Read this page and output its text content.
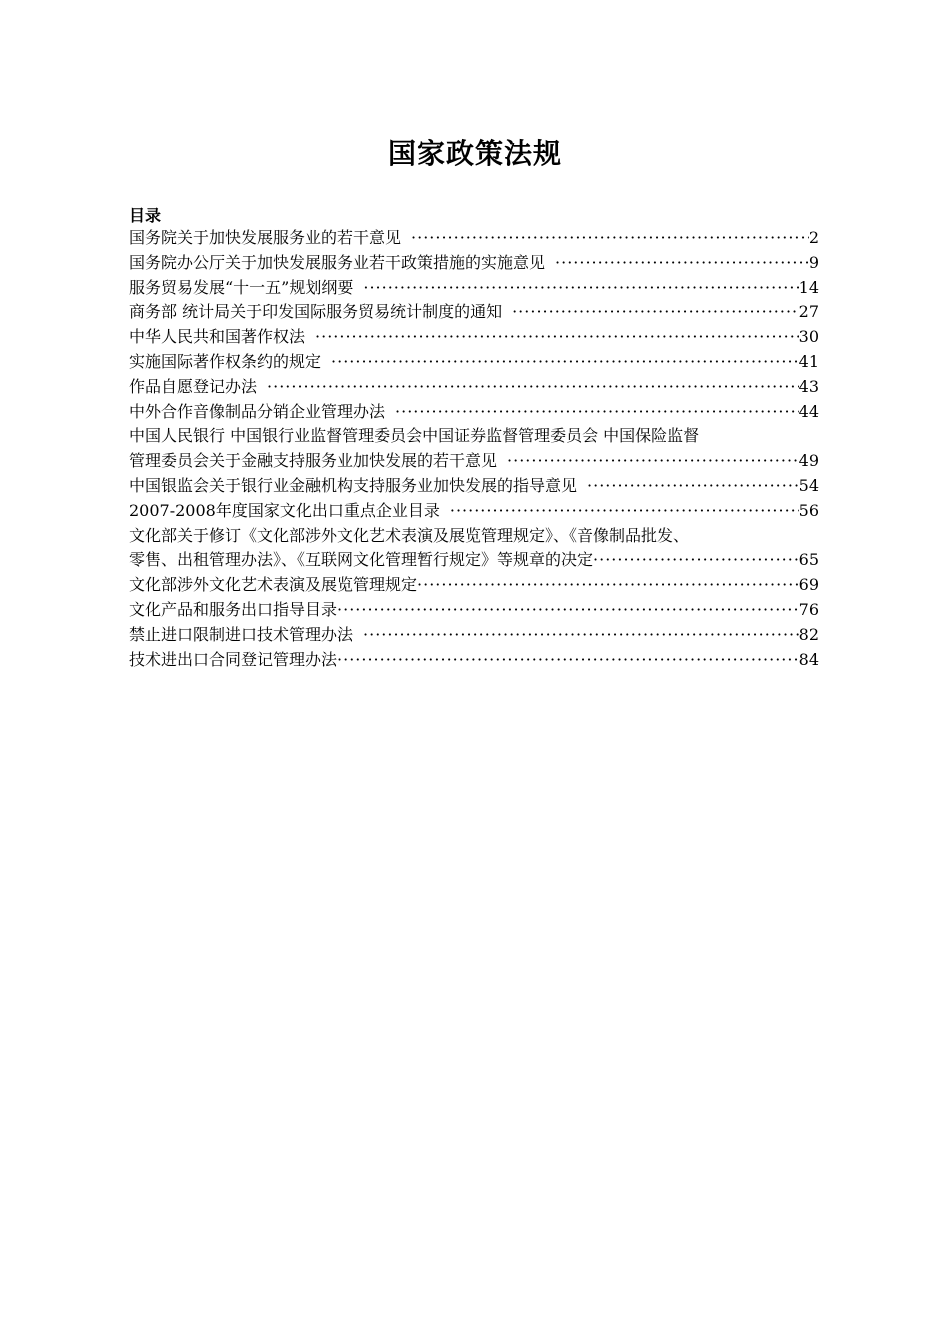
国家政策法规
目录
国务院关于加快发展服务业的若干意见 ·····	2
国务院办公厅关于加快发展服务业若干政策措施的实施意见 ·····	9
服务贸易发展“十一五”规划纲要 ·····	14
商务部 统计局关于印发国际服务贸易统计制度的通知 ·····	27
中华人民共和国著作权法 ·····	30
实施国际著作权条约的规定 ·····	41
作品自愿登记办法 ·····	43
中外合作音像制品分销企业管理办法 ·····	44
中国人民银行 中国银行业监督管理委员会中国证券监督管理委员会 中国保险监督
管理委员会关于金融支持服务业加快发展的若干意见 ·····	49
中国银监会关于银行业金融机构支持服务业加快发展的指导意见 ·····	54
2007-2008年度国家文化出口重点企业目录 ·····	56
文化部关于修订《文化部涉外文化艺术表演及展览管理规定》、《音像制品批发、
零售、出租管理办法》、《互联网文化管理暂行规定》等规章的决定 ·····	65
文化部涉外文化艺术表演及展览管理规定 ·····	69
文化产品和服务出口指导目录 ·····	76
禁止进口限制进口技术管理办法 ·····	82
技术进出口合同登记管理办法 ·····	84
